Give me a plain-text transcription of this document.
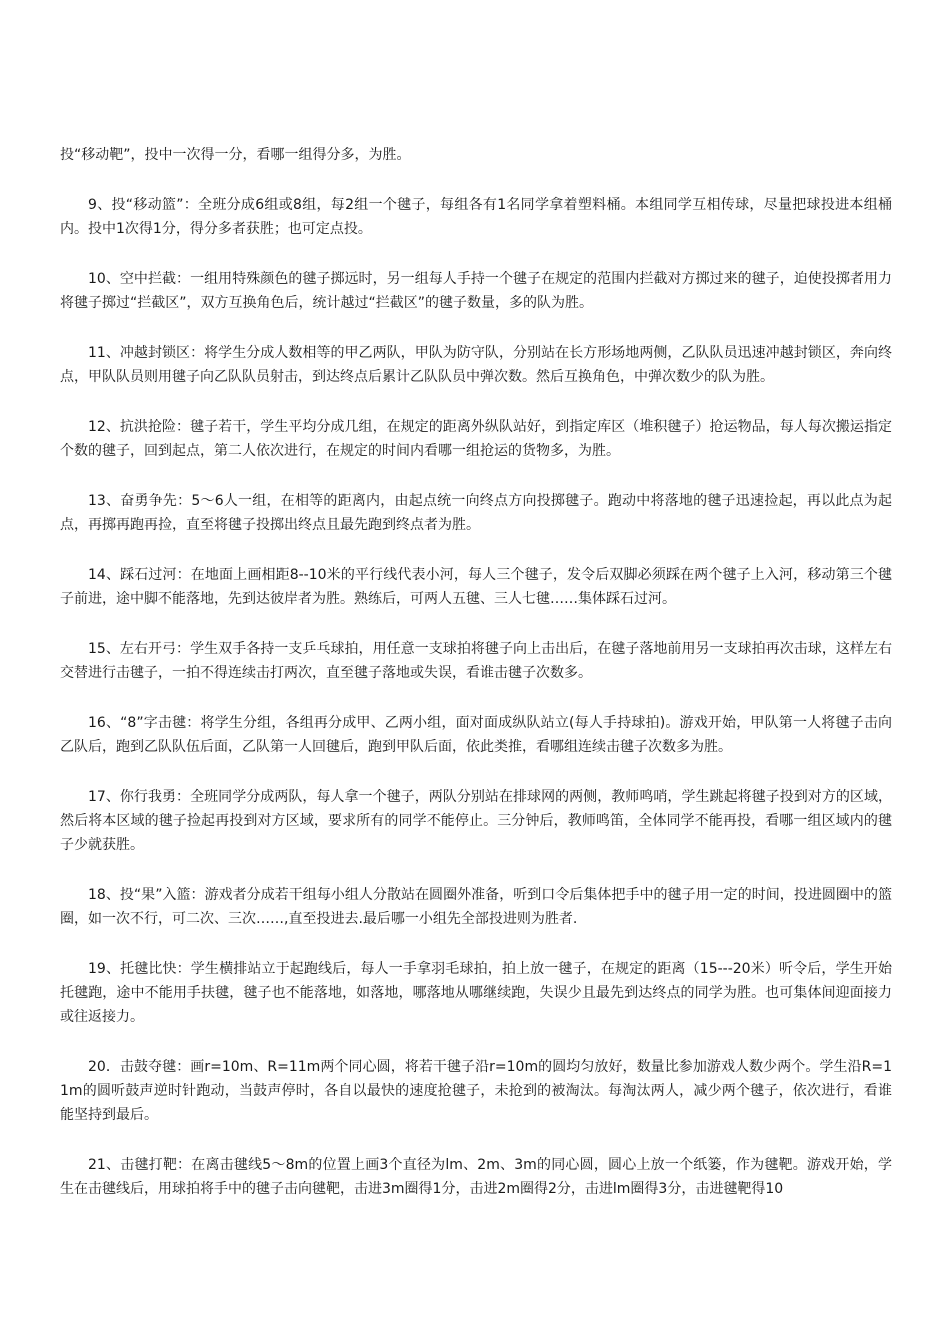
投“移动靶”，投中一次得一分，看哪一组得分多，为胜。

9、投“移动篮”：全班分成6组或8组，每2组一个毽子，每组各有1名同学拿着塑料桶。本组同学互相传球，尽量把球投进本组桶内。投中1次得1分，得分多者获胜；也可定点投。

10、空中拦截：一组用特殊颜色的毽子掷远时，另一组每人手持一个毽子在规定的范围内拦截对方掷过来的毽子，迫使投掷者用力将毽子掷过“拦截区”，双方互换角色后，统计越过“拦截区”的毽子数量，多的队为胜。

11、冲越封锁区：将学生分成人数相等的甲乙两队，甲队为防守队，分别站在长方形场地两侧，乙队队员迅速冲越封锁区，奔向终点，甲队队员则用毽子向乙队队员射击，到达终点后累计乙队队员中弹次数。然后互换角色，中弹次数少的队为胜。

12、抗洪抢险：毽子若干，学生平均分成几组，在规定的距离外纵队站好，到指定库区（堆积毽子）抢运物品，每人每次搬运指定个数的毽子，回到起点，第二人依次进行，在规定的时间内看哪一组抢运的货物多，为胜。

13、奋勇争先：5～6人一组，在相等的距离内，由起点统一向终点方向投掷毽子。跑动中将落地的毽子迅速捡起，再以此点为起点，再掷再跑再捡，直至将毽子投掷出终点且最先跑到终点者为胜。

14、踩石过河：在地面上画相距8--10米的平行线代表小河，每人三个毽子，发令后双脚必须踩在两个毽子上入河，移动第三个毽子前进，途中脚不能落地，先到达彼岸者为胜。熟练后，可两人五毽、三人七毽……集体踩石过河。

15、左右开弓：学生双手各持一支乒乓球拍，用任意一支球拍将毽子向上击出后，在毽子落地前用另一支球拍再次击球，这样左右交替进行击毽子，一拍不得连续击打两次，直至毽子落地或失误，看谁击毽子次数多。

16、“8”字击毽：将学生分组，各组再分成甲、乙两小组，面对面成纵队站立(每人手持球拍)。游戏开始，甲队第一人将毽子击向乙队后，跑到乙队队伍后面，乙队第一人回毽后，跑到甲队后面，依此类推，看哪组连续击毽子次数多为胜。

17、你行我勇：全班同学分成两队，每人拿一个毽子，两队分别站在排球网的两侧，教师鸣哨，学生跳起将毽子投到对方的区域，然后将本区域的毽子捡起再投到对方区域，要求所有的同学不能停止。三分钟后，教师鸣笛，全体同学不能再投，看哪一组区域内的毽子少就获胜。

18、投“果”入篮：游戏者分成若干组每小组人分散站在圆圈外准备，听到口令后集体把手中的毽子用一定的时间，投进圆圈中的篮圈，如一次不行，可二次、三次……,直至投进去.最后哪一小组先全部投进则为胜者.

19、托毽比快：学生横排站立于起跑线后，每人一手拿羽毛球拍，拍上放一毽子，在规定的距离（15---20米）听令后，学生开始托毽跑，途中不能用手扶毽，毽子也不能落地，如落地，哪落地从哪继续跑，失误少且最先到达终点的同学为胜。也可集体间迎面接力或往返接力。

20．击鼓夺毽：画r=10m、R=11m两个同心圆，将若干毽子沿r=10m的圆均匀放好，数量比参加游戏人数少两个。学生沿R=11m的圆听鼓声逆时针跑动，当鼓声停时，各自以最快的速度抢毽子，未抢到的被淘汰。每淘汰两人，减少两个毽子，依次进行，看谁能坚持到最后。

21、击毽打靶：在离击毽线5～8m的位置上画3个直径为lm、2m、3m的同心圆，圆心上放一个纸篓，作为毽靶。游戏开始，学生在击毽线后，用球拍将手中的毽子击向毽靶，击进3m圈得1分，击进2m圈得2分，击进lm圈得3分，击进毽靶得10
